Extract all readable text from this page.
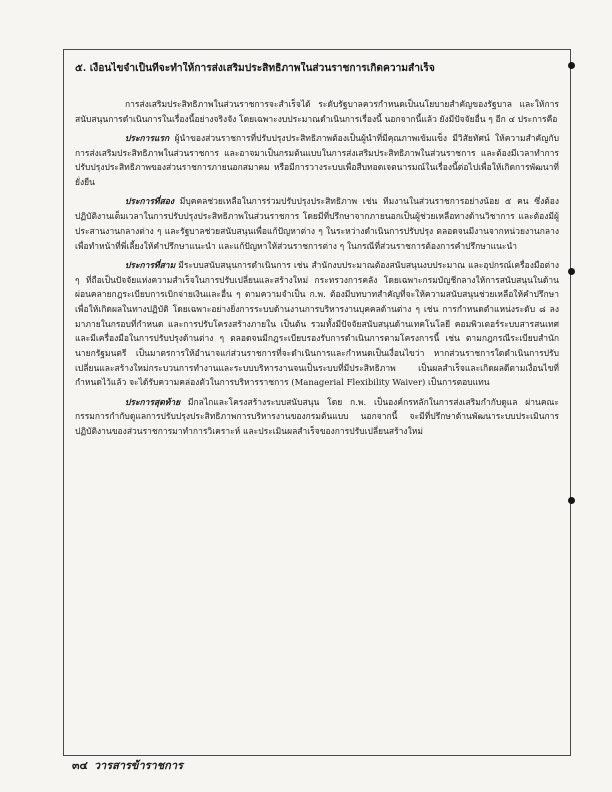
๕. เงื่อนไขจำเป็นที่จะทำให้การส่งเสริมประสิทธิภาพในส่วนราชการเกิดความสำเร็จ

การส่งเสริมประสิทธิภาพในส่วนราชการจะสำเร็จได้ ระดับรัฐบาลควรกำหนดเป็นนโยบายสำคัญของรัฐบาล และให้การสนับสนุนการดำเนินการในเรื่องนี้อย่างจริงจัง โดยเฉพาะงบประมาณดำเนินการเรื่องนี้ นอกจากนี้แล้ว ยังมีปัจจัยอื่น ๆ อีก ๔ ประการคือ

ประการแรก ผู้นำของส่วนราชการที่ปรับปรุงประสิทธิภาพต้องเป็นผู้นำที่มีคุณภาพเข้มแข็ง มีวิสัยทัศน์ ให้ความสำคัญกับการส่งเสริมประสิทธิภาพในส่วนราชการ และอาจมาเป็นกรมต้นแบบในการส่งเสริมประสิทธิภาพในส่วนราชการ และต้องมีเวลาทำการปรับปรุงประสิทธิภาพของส่วนราชการภายนอกสมาคม หรือมีการวางระบบเพื่อสืบทอดเจตนารมณ์ในเรื่องนี้ต่อไปเพื่อให้เกิดการพัฒนาที่ยั่งยืน

ประการที่สอง มีบุคคลช่วยเหลือในการร่วมปรับปรุงประสิทธิภาพ เช่น ทีมงานในส่วนราชการอย่างน้อย ๕ คน ซึ่งต้องปฏิบัติงานเต็มเวลาในการปรับปรุงประสิทธิภาพในส่วนราชการ โดยมีที่ปรึกษาจากภายนอกเป็นผู้ช่วยเหลือทางด้านวิชาการ และต้องมีผู้ประสานงานกลางต่าง ๆ และรัฐบาลช่วยสนับสนุนเพื่อแก้ปัญหาต่าง ๆ ในระหว่างดำเนินการปรับปรุง ตลอดจนมีงานจากหน่วยงานกลางเพื่อทำหน้าที่พี่เลี้ยงให้คำปรึกษาแนะนำ และแก้ปัญหาให้ส่วนราชการต่าง ๆ ในกรณีที่ส่วนราชการต้องการคำปรึกษาแนะนำ

ประการที่สาม มีระบบสนับสนุนการดำเนินการ เช่น สำนักงบประมาณต้องสนับสนุนงบประมาณ และอุปกรณ์เครื่องมือต่าง ๆ ที่ถือเป็นปัจจัยแห่งความสำเร็จในการปรับเปลี่ยนและสร้างใหม่ กระทรวงการคลัง โดยเฉพาะกรมบัญชีกลางให้การสนับสนุนในด้านผ่อนคลายกฎระเบียบการเบิกจ่ายเงินและอื่น ๆ ตามความจำเป็น ก.พ. ต้องมีบทบาทสำคัญที่จะให้ความสนับสนุนช่วยเหลือให้คำปรึกษา เพื่อให้เกิดผลในทางปฏิบัติ โดยเฉพาะอย่างยิ่งการระบบด้านงานการบริหารงานบุคคลด้านต่าง ๆ เช่น การกำหนดตำแหน่งระดับ ๘ ลงมาภายในกรอบที่กำหนด และการปรับโครงสร้างภายใน เป็นต้น รวมทั้งมีปัจจัยสนับสนุนด้านเทคโนโลยี คอมพิวเตอร์ระบบสารสนเทศ และมีเครื่องมือในการปรับปรุงด้านต่าง ๆ ตลอดจนมีกฎระเบียบรองรับการดำเนินการตามโครงการนี้ เช่น ตามกฎกรณีระเบียบสำนักนายกรัฐมนตรี เป็นมาตรการให้อำนาจแก่ส่วนราชการที่จะดำเนินการและกำหนดเป็นเงื่อนไขว่า หากส่วนราชการใดดำเนินการปรับเปลี่ยนและสร้างใหม่กระบวนการทำงานและระบบบริหารงานจนเป็นระบบที่มีประสิทธิภาพ เป็นผลสำเร็จและเกิดผลดีตามเงื่อนไขที่กำหนดไว้แล้ว จะได้รับความคล่องตัวในการบริหารราชการ (Managerial Flexibility Waiver) เป็นการตอบแทน

ประการสุดท้าย มีกลไกและโครงสร้างระบบสนับสนุน โดย ก.พ. เป็นองค์กรหลักในการส่งเสริมกำกับดูแล ผ่านคณะกรรมการกำกับดูแลการปรับปรุงประสิทธิภาพการบริหารงานของกรมต้นแบบ นอกจากนี้ จะมีที่ปรึกษาด้านพัฒนาระบบประเมินการปฏิบัติงานของส่วนราชการมาทำการวิเคราะห์ และประเมินผลสำเร็จของการปรับเปลี่ยนสร้างใหม่

๓๔ วารสารข้าราชการ
